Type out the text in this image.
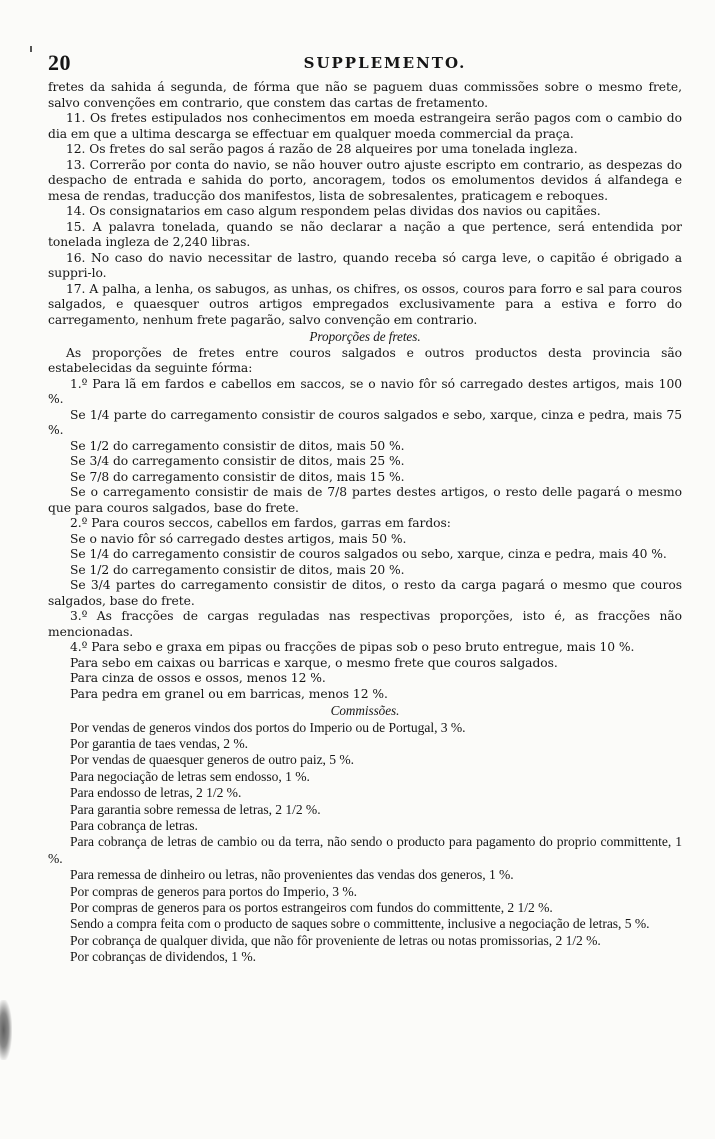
20	SUPPLEMENTO.

fretes da sahida á segunda, de fórma que não se paguem duas commissões sobre o mesmo frete, salvo convenções em contrario, que constem das cartas de fretamento.

11. Os fretes estipulados nos conhecimentos em moeda estrangeira serão pagos com o cambio do dia em que a ultima descarga se effectuar em qualquer moeda commercial da praça.

12. Os fretes do sal serão pagos á razão de 28 alqueires por uma tonelada ingleza.

13. Correrão por conta do navio, se não houver outro ajuste escripto em contrario, as despezas do despacho de entrada e sahida do porto, ancoragem, todos os emolumentos devidos á alfandega e mesa de rendas, traducção dos manifestos, lista de sobresalentes, praticagem e reboques.

14. Os consignatarios em caso algum respondem pelas dividas dos navios ou capitães.

15. A palavra tonelada, quando se não declarar a nação a que pertence, será entendida por tonelada ingleza de 2,240 libras.

16. No caso do navio necessitar de lastro, quando receba só carga leve, o capitão é obrigado a suppri-lo.

17. A palha, a lenha, os sabugos, as unhas, os chifres, os ossos, couros para forro e sal para couros salgados, e quaesquer outros artigos empregados exclusivamente para a estiva e forro do carregamento, nenhum frete pagarão, salvo convenção em contrario.

Proporções de fretes.

As proporções de fretes entre couros salgados e outros productos desta provincia são estabelecidas da seguinte fórma:

1.º Para lã em fardos e cabellos em saccos, se o navio fôr só carregado destes artigos, mais 100 %.

Se 1/4 parte do carregamento consistir de couros salgados e sebo, xarque, cinza e pedra, mais 75 %.

Se 1/2 do carregamento consistir de ditos, mais 50 %.

Se 3/4 do carregamento consistir de ditos, mais 25 %.

Se 7/8 do carregamento consistir de ditos, mais 15 %.

Se o carregamento consistir de mais de 7/8 partes destes artigos, o resto delle pagará o mesmo que para couros salgados, base do frete.

2.º Para couros seccos, cabellos em fardos, garras em fardos:

Se o navio fôr só carregado destes artigos, mais 50 %.

Se 1/4 do carregamento consistir de couros salgados ou sebo, xarque, cinza e pedra, mais 40 %.

Se 1/2 do carregamento consistir de ditos, mais 20 %.

Se 3/4 partes do carregamento consistir de ditos, o resto da carga pagará o mesmo que couros salgados, base do frete.

3.º As fracções de cargas reguladas nas respectivas proporções, isto é, as fracções não mencionadas.

4.º Para sebo e graxa em pipas ou fracções de pipas sob o peso bruto entregue, mais 10 %.

Para sebo em caixas ou barricas e xarque, o mesmo frete que couros salgados.

Para cinza de ossos e ossos, menos 12 %.

Para pedra em granel ou em barricas, menos 12 %.

Commissões.

Por vendas de generos vindos dos portos do Imperio ou de Portugal, 3 %.

Por garantia de taes vendas, 2 %.

Por vendas de quaesquer generos de outro paiz, 5 %.

Para negociação de letras sem endosso, 1 %.

Para endosso de letras, 2 1/2 %.

Para garantia sobre remessa de letras, 2 1/2 %.

Para cobrança de letras.

Para cobrança de letras de cambio ou da terra, não sendo o producto para pagamento do proprio committente, 1 %.

Para remessa de dinheiro ou letras, não provenientes das vendas dos generos, 1 %.

Por compras de generos para portos do Imperio, 3 %.

Por compras de generos para os portos estrangeiros com fundos do committente, 2 1/2 %.

Sendo a compra feita com o producto de saques sobre o committente, inclusive a negociação de letras, 5 %.

Por cobrança de qualquer divida, que não fôr proveniente de letras ou notas promissorias, 2 1/2 %.

Por cobranças de dividendos, 1 %.
